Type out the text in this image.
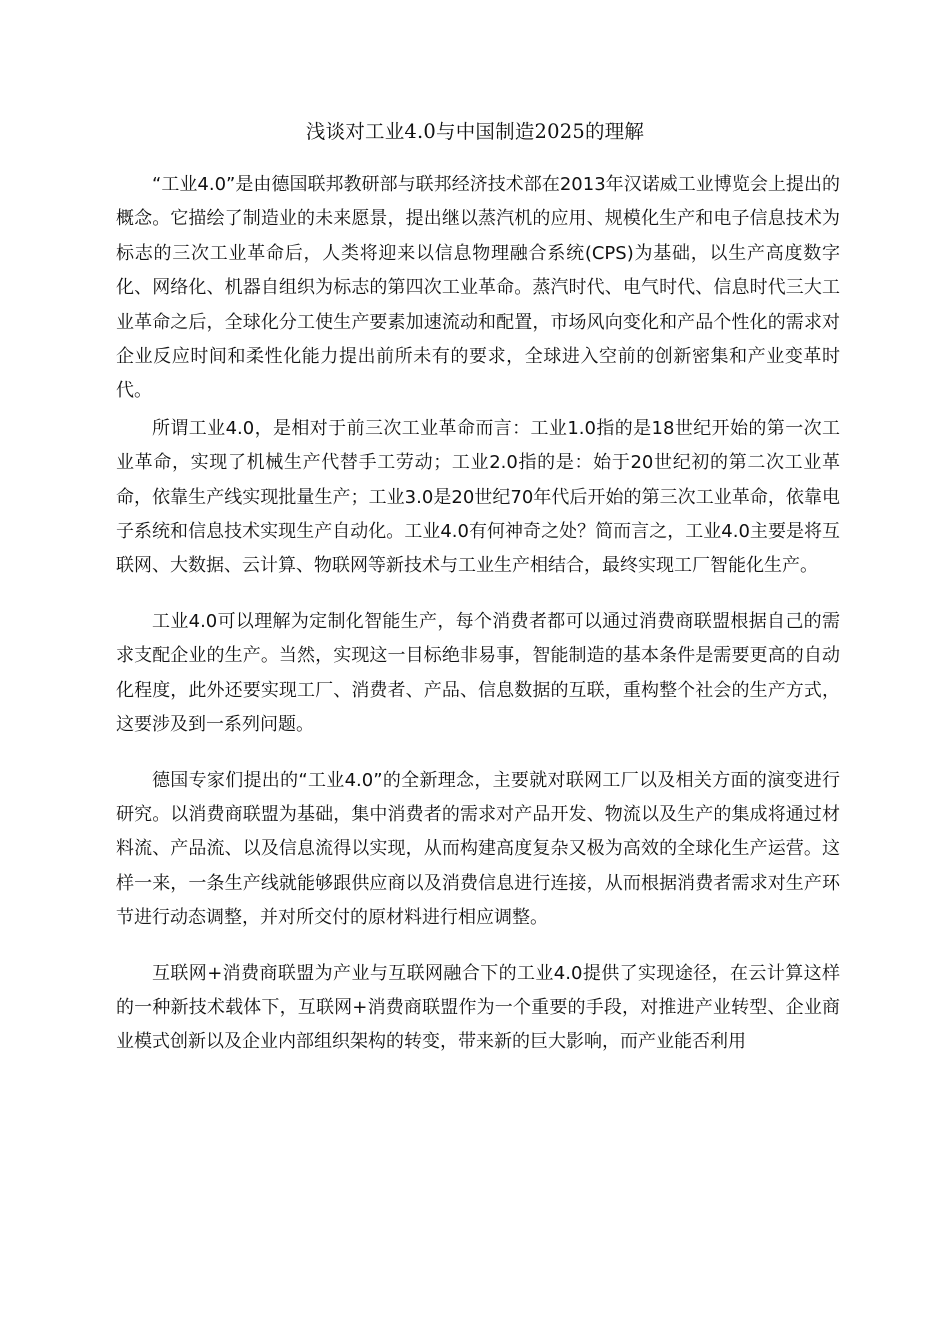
浅谈对工业4.0与中国制造2025的理解

“工业4.0”是由德国联邦教研部与联邦经济技术部在2013年汉诺威工业博览会上提出的概念。它描绘了制造业的未来愿景，提出继以蒸汽机的应用、规模化生产和电子信息技术为标志的三次工业革命后，人类将迎来以信息物理融合系统(CPS)为基础，以生产高度数字化、网络化、机器自组织为标志的第四次工业革命。蒸汽时代、电气时代、信息时代三大工业革命之后，全球化分工使生产要素加速流动和配置，市场风向变化和产品个性化的需求对企业反应时间和柔性化能力提出前所未有的要求，全球进入空前的创新密集和产业变革时代。

所谓工业4.0，是相对于前三次工业革命而言：工业1.0指的是18世纪开始的第一次工业革命，实现了机械生产代替手工劳动；工业2.0指的是：始于20世纪初的第二次工业革命，依靠生产线实现批量生产；工业3.0是20世纪70年代后开始的第三次工业革命，依靠电子系统和信息技术实现生产自动化。工业4.0有何神奇之处？简而言之，工业4.0主要是将互联网、大数据、云计算、物联网等新技术与工业生产相结合，最终实现工厂智能化生产。

工业4.0可以理解为定制化智能生产，每个消费者都可以通过消费商联盟根据自己的需求支配企业的生产。当然，实现这一目标绝非易事，智能制造的基本条件是需要更高的自动化程度，此外还要实现工厂、消费者、产品、信息数据的互联，重构整个社会的生产方式，这要涉及到一系列问题。

德国专家们提出的“工业4.0”的全新理念，主要就对联网工厂以及相关方面的演变进行研究。以消费商联盟为基础，集中消费者的需求对产品开发、物流以及生产的集成将通过材料流、产品流、以及信息流得以实现，从而构建高度复杂又极为高效的全球化生产运营。这样一来，一条生产线就能够跟供应商以及消费信息进行连接，从而根据消费者需求对生产环节进行动态调整，并对所交付的原材料进行相应调整。

互联网+消费商联盟为产业与互联网融合下的工业4.0提供了实现途径，在云计算这样的一种新技术载体下，互联网+消费商联盟作为一个重要的手段，对推进产业转型、企业商业模式创新以及企业内部组织架构的转变，带来新的巨大影响，而产业能否利用
